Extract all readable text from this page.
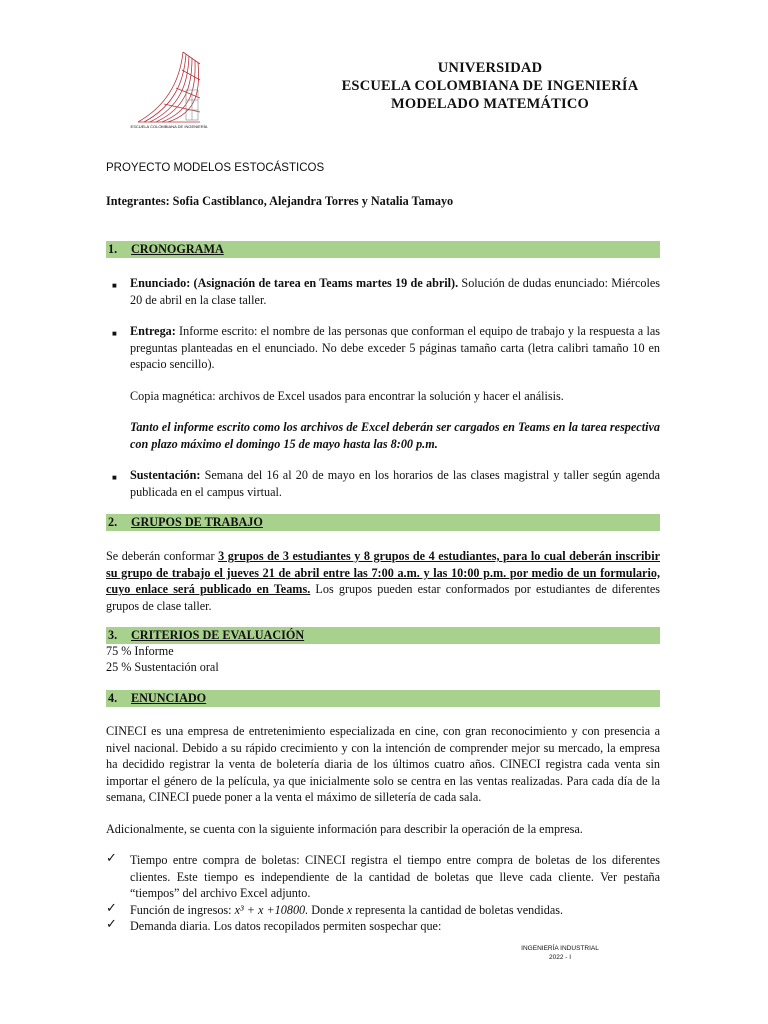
ESCUELA COLOMBIANA DE INGENIERÍA
UNIVERSIDAD
ESCUELA COLOMBIANA DE INGENIERÍA
MODELADO MATEMÁTICO
PROYECTO MODELOS ESTOCÁSTICOS
Integrantes: Sofia Castiblanco, Alejandra Torres y Natalia Tamayo
1. CRONOGRAMA
■ Enunciado: (Asignación de tarea en Teams martes 19 de abril). Solución de dudas enunciado: Miércoles 20 de abril en la clase taller.
■ Entrega: Informe escrito: el nombre de las personas que conforman el equipo de trabajo y la respuesta a las preguntas planteadas en el enunciado. No debe exceder 5 páginas tamaño carta (letra calibri tamaño 10 en espacio sencillo).
Copia magnética: archivos de Excel usados para encontrar la solución y hacer el análisis.
Tanto el informe escrito como los archivos de Excel deberán ser cargados en Teams en la tarea respectiva con plazo máximo el domingo 15 de mayo hasta las 8:00 p.m.
■ Sustentación: Semana del 16 al 20 de mayo en los horarios de las clases magistral y taller según agenda publicada en el campus virtual.
2. GRUPOS DE TRABAJO
Se deberán conformar 3 grupos de 3 estudiantes y 8 grupos de 4 estudiantes, para lo cual deberán inscribir su grupo de trabajo el jueves 21 de abril entre las 7:00 a.m. y las 10:00 p.m. por medio de un formulario, cuyo enlace será publicado en Teams. Los grupos pueden estar conformados por estudiantes de diferentes grupos de clase taller.
3. CRITERIOS DE EVALUACIÓN
75 % Informe
25 % Sustentación oral
4. ENUNCIADO
CINECI es una empresa de entretenimiento especializada en cine, con gran reconocimiento y con presencia a nivel nacional. Debido a su rápido crecimiento y con la intención de comprender mejor su mercado, la empresa ha decidido registrar la venta de boletería diaria de los últimos cuatro años. CINECI registra cada venta sin importar el género de la película, ya que inicialmente solo se centra en las ventas realizadas. Para cada día de la semana, CINECI puede poner a la venta el máximo de silletería de cada sala.
Adicionalmente, se cuenta con la siguiente información para describir la operación de la empresa.
✓ Tiempo entre compra de boletas: CINECI registra el tiempo entre compra de boletas de los diferentes clientes. Este tiempo es independiente de la cantidad de boletas que lleve cada cliente. Ver pestaña “tiempos” del archivo Excel adjunto.
✓ Función de ingresos: x³ + x +10800. Donde x representa la cantidad de boletas vendidas.
✓ Demanda diaria. Los datos recopilados permiten sospechar que:
INGENIERÍA INDUSTRIAL
2022 - I
